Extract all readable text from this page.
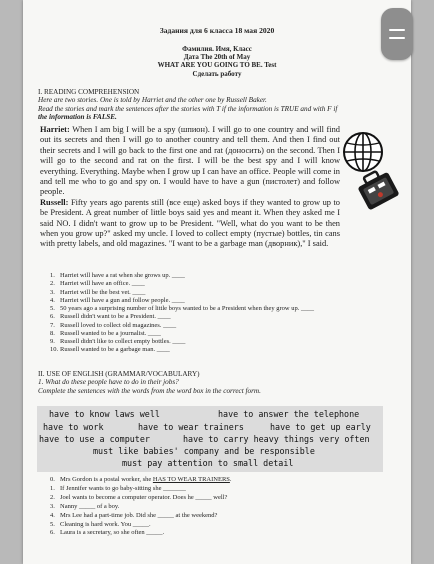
Задания для 6 класса 18 мая 2020
Фамилия. Имя, Класс
Дата The 20th of May
WHAT ARE YOU GOING TO BE. Test
Сделать работу
I. READING COMPREHENSION
Here are two stories. One is told by Harriet and the other one by Russell Baker.
Read the stories and mark the sentences after the stories with T if the information is TRUE and with F if
the information is FALSE.

Harriet: When I am big I will be a spy (шпион). I will go to one country and will find out its secrets and then I will go to another country and tell them. And then I find out their secrets and I will go back to the first one and rat (доносить) on the second. Then I will go to the second and rat on the first. I will be the best spy and I will know everything. Everything. Maybe when I grow up I can have an office. People will come in and tell me who to go and spy on. I would have to have a gun (пистолет) and follow people.

Russell: Fifty years ago parents still (все еще) asked boys if they wanted to grow up to be President. A great number of little boys said yes and meant it. When they asked me I said NO. I didn't want to grow up to be President. "Well, what do you want to be then when you grow up?" asked my uncle. I loved to collect empty (пустые) bottles, tin cans with pretty labels, and old magazines. "I want to be a garbage man (дворник)," I said.

1. Harriet will have a rat when she grows up. ____
2. Harriet will have an office. ____
3. Harriet will be the best vet. ____
4. Harriet will have a gun and follow people. ____
5. 50 years ago a surprising number of little boys wanted to be a President when they grow up. ____
6. Russell didn't want to be a President. ____
7. Russell loved to collect old magazines. ____
8. Russell wanted to be a journalist. ____
9. Russell didn't like to collect empty bottles. ____
10. Russell wanted to be a garbage man. ____
II. USE OF ENGLISH (GRAMMAR/VOCABULARY)
1. What do these people have to do in their jobs?
Complete the sentences with the words from the word box in the correct form.
have to know laws well	have to answer the telephone
have to work	have to wear trainers	have to get up early
have to use a computer	have to carry heavy things very often
must like babies' company and be responsible
must pay attention to small detail
0. Mrs Gordon is a postal worker, she HAS TO WEAR TRAINERS.
1. If Jennifer wants to go baby-sitting she _______
2. Joel wants to become a computer operator. Does he _____ well?
3. Nanny _____ of a boy.
4. Mrs Lee had a part-time job. Did she _____ at the weekend?
5. Cleaning is hard work. You _____.
6. Laura is a secretary, so she often _____.
